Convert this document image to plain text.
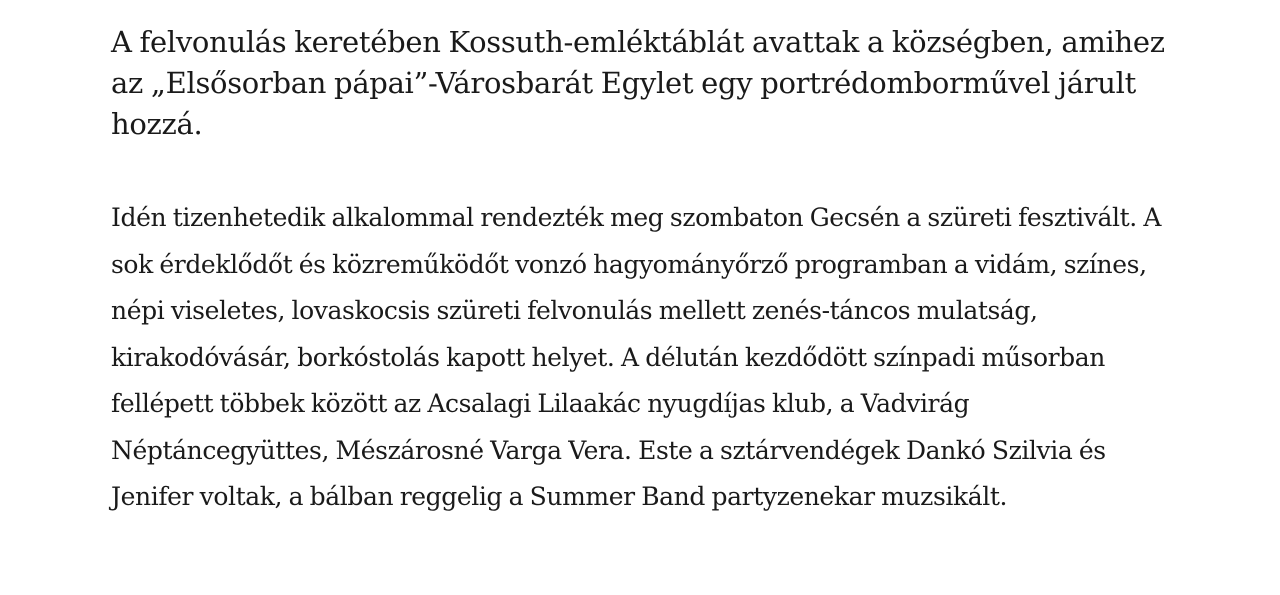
A felvonulás keretében Kossuth-emléktáblát avattak a községben, amihez az „Elsősorban pápai”-Városbarát Egylet egy portrédomborművel járult hozzá.

Idén tizenhetedik alkalommal rendezték meg szombaton Gecsén a szüreti fesztivált. A sok érdeklődőt és közreműködőt vonzó hagyományőrző programban a vidám, színes, népi viseletes, lovaskocsis szüreti felvonulás mellett zenés-táncos mulatság, kirakodóvásár, borkóstolás kapott helyet. A délután kezdődött színpadi műsorban fellépett többek között az Acsalagi Lilaakác nyugdíjas klub, a Vadvirág Néptáncegyüttes, Mészárosné Varga Vera. Este a sztárvendégek Dankó Szilvia és Jenifer voltak, a bálban reggelig a Summer Band partyzenekar muzsikált.
